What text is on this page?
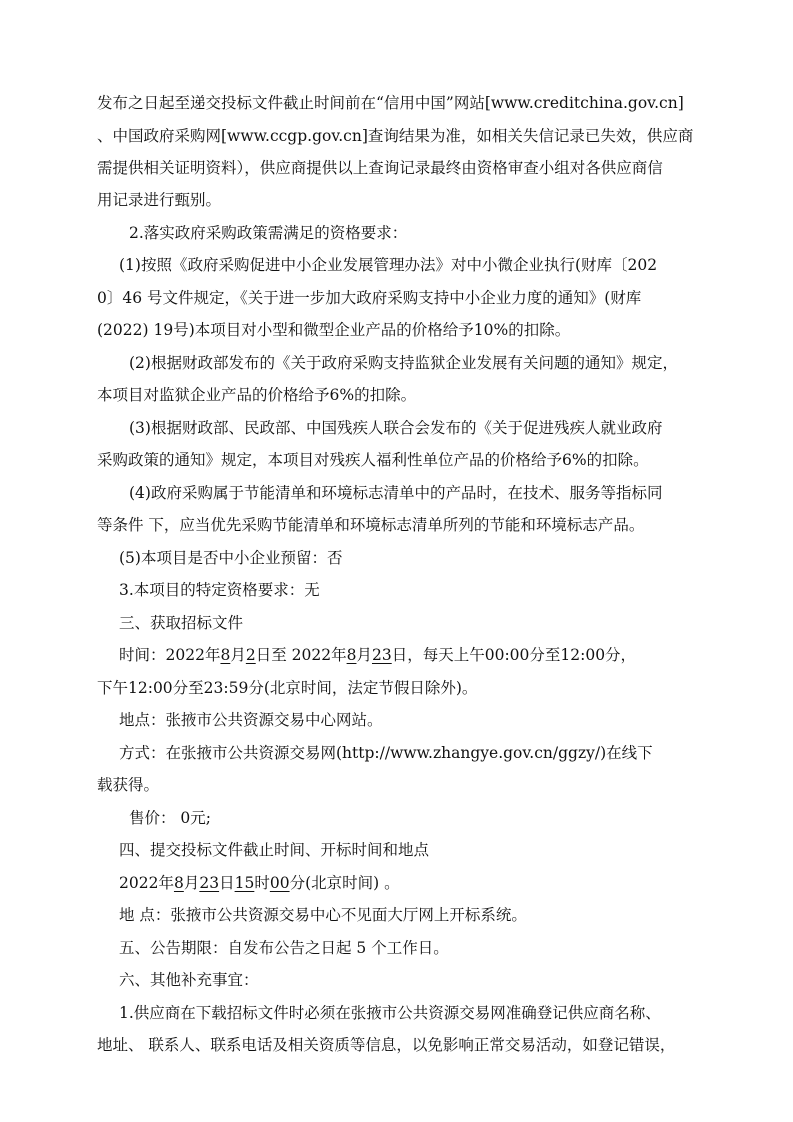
发布之日起至递交投标文件截止时间前在“信用中国”网站[www.creditchina.gov.cn]
、中国政府采购网[www.ccgp.gov.cn]查询结果为准，如相关失信记录已失效，供应商
需提供相关证明资料），供应商提供以上查询记录最终由资格审查小组对各供应商信
用记录进行甄别。
2.落实政府采购政策需满足的资格要求：
(1)按照《政府采购促进中小企业发展管理办法》对中小微企业执行(财库〔202
0〕46 号文件规定，《关于进一步加大政府采购支持中小企业力度的通知》(财库
(2022) 19号)本项目对小型和微型企业产品的价格给予10%的扣除。
(2)根据财政部发布的《关于政府采购支持监狱企业发展有关问题的通知》规定，
本项目对监狱企业产品的价格给予6%的扣除。
(3)根据财政部、民政部、中国残疾人联合会发布的《关于促进残疾人就业政府
采购政策的通知》规定，本项目对残疾人福利性单位产品的价格给予6%的扣除。
(4)政府采购属于节能清单和环境标志清单中的产品时，在技术、服务等指标同
等条件 下，应当优先采购节能清单和环境标志清单所列的节能和环境标志产品。
(5)本项目是否中小企业预留：否
3.本项目的特定资格要求：无
三、获取招标文件
时间：2022年8月2日至 2022年8月23日，每天上午00:00分至12:00分，
下午12:00分至23:59分(北京时间，法定节假日除外)。
地点：张掖市公共资源交易中心网站。
方式：在张掖市公共资源交易网(http://www.zhangye.gov.cn/ggzy/)在线下
载获得。
售价： 0元;
四、提交投标文件截止时间、开标时间和地点
2022年8月23日15时00分(北京时间) 。
地 点：张掖市公共资源交易中心不见面大厅网上开标系统。
五、公告期限：自发布公告之日起 5 个工作日。
六、其他补充事宜：
1.供应商在下载招标文件时必须在张掖市公共资源交易网准确登记供应商名称、
地址、 联系人、联系电话及相关资质等信息，以免影响正常交易活动，如登记错误，
